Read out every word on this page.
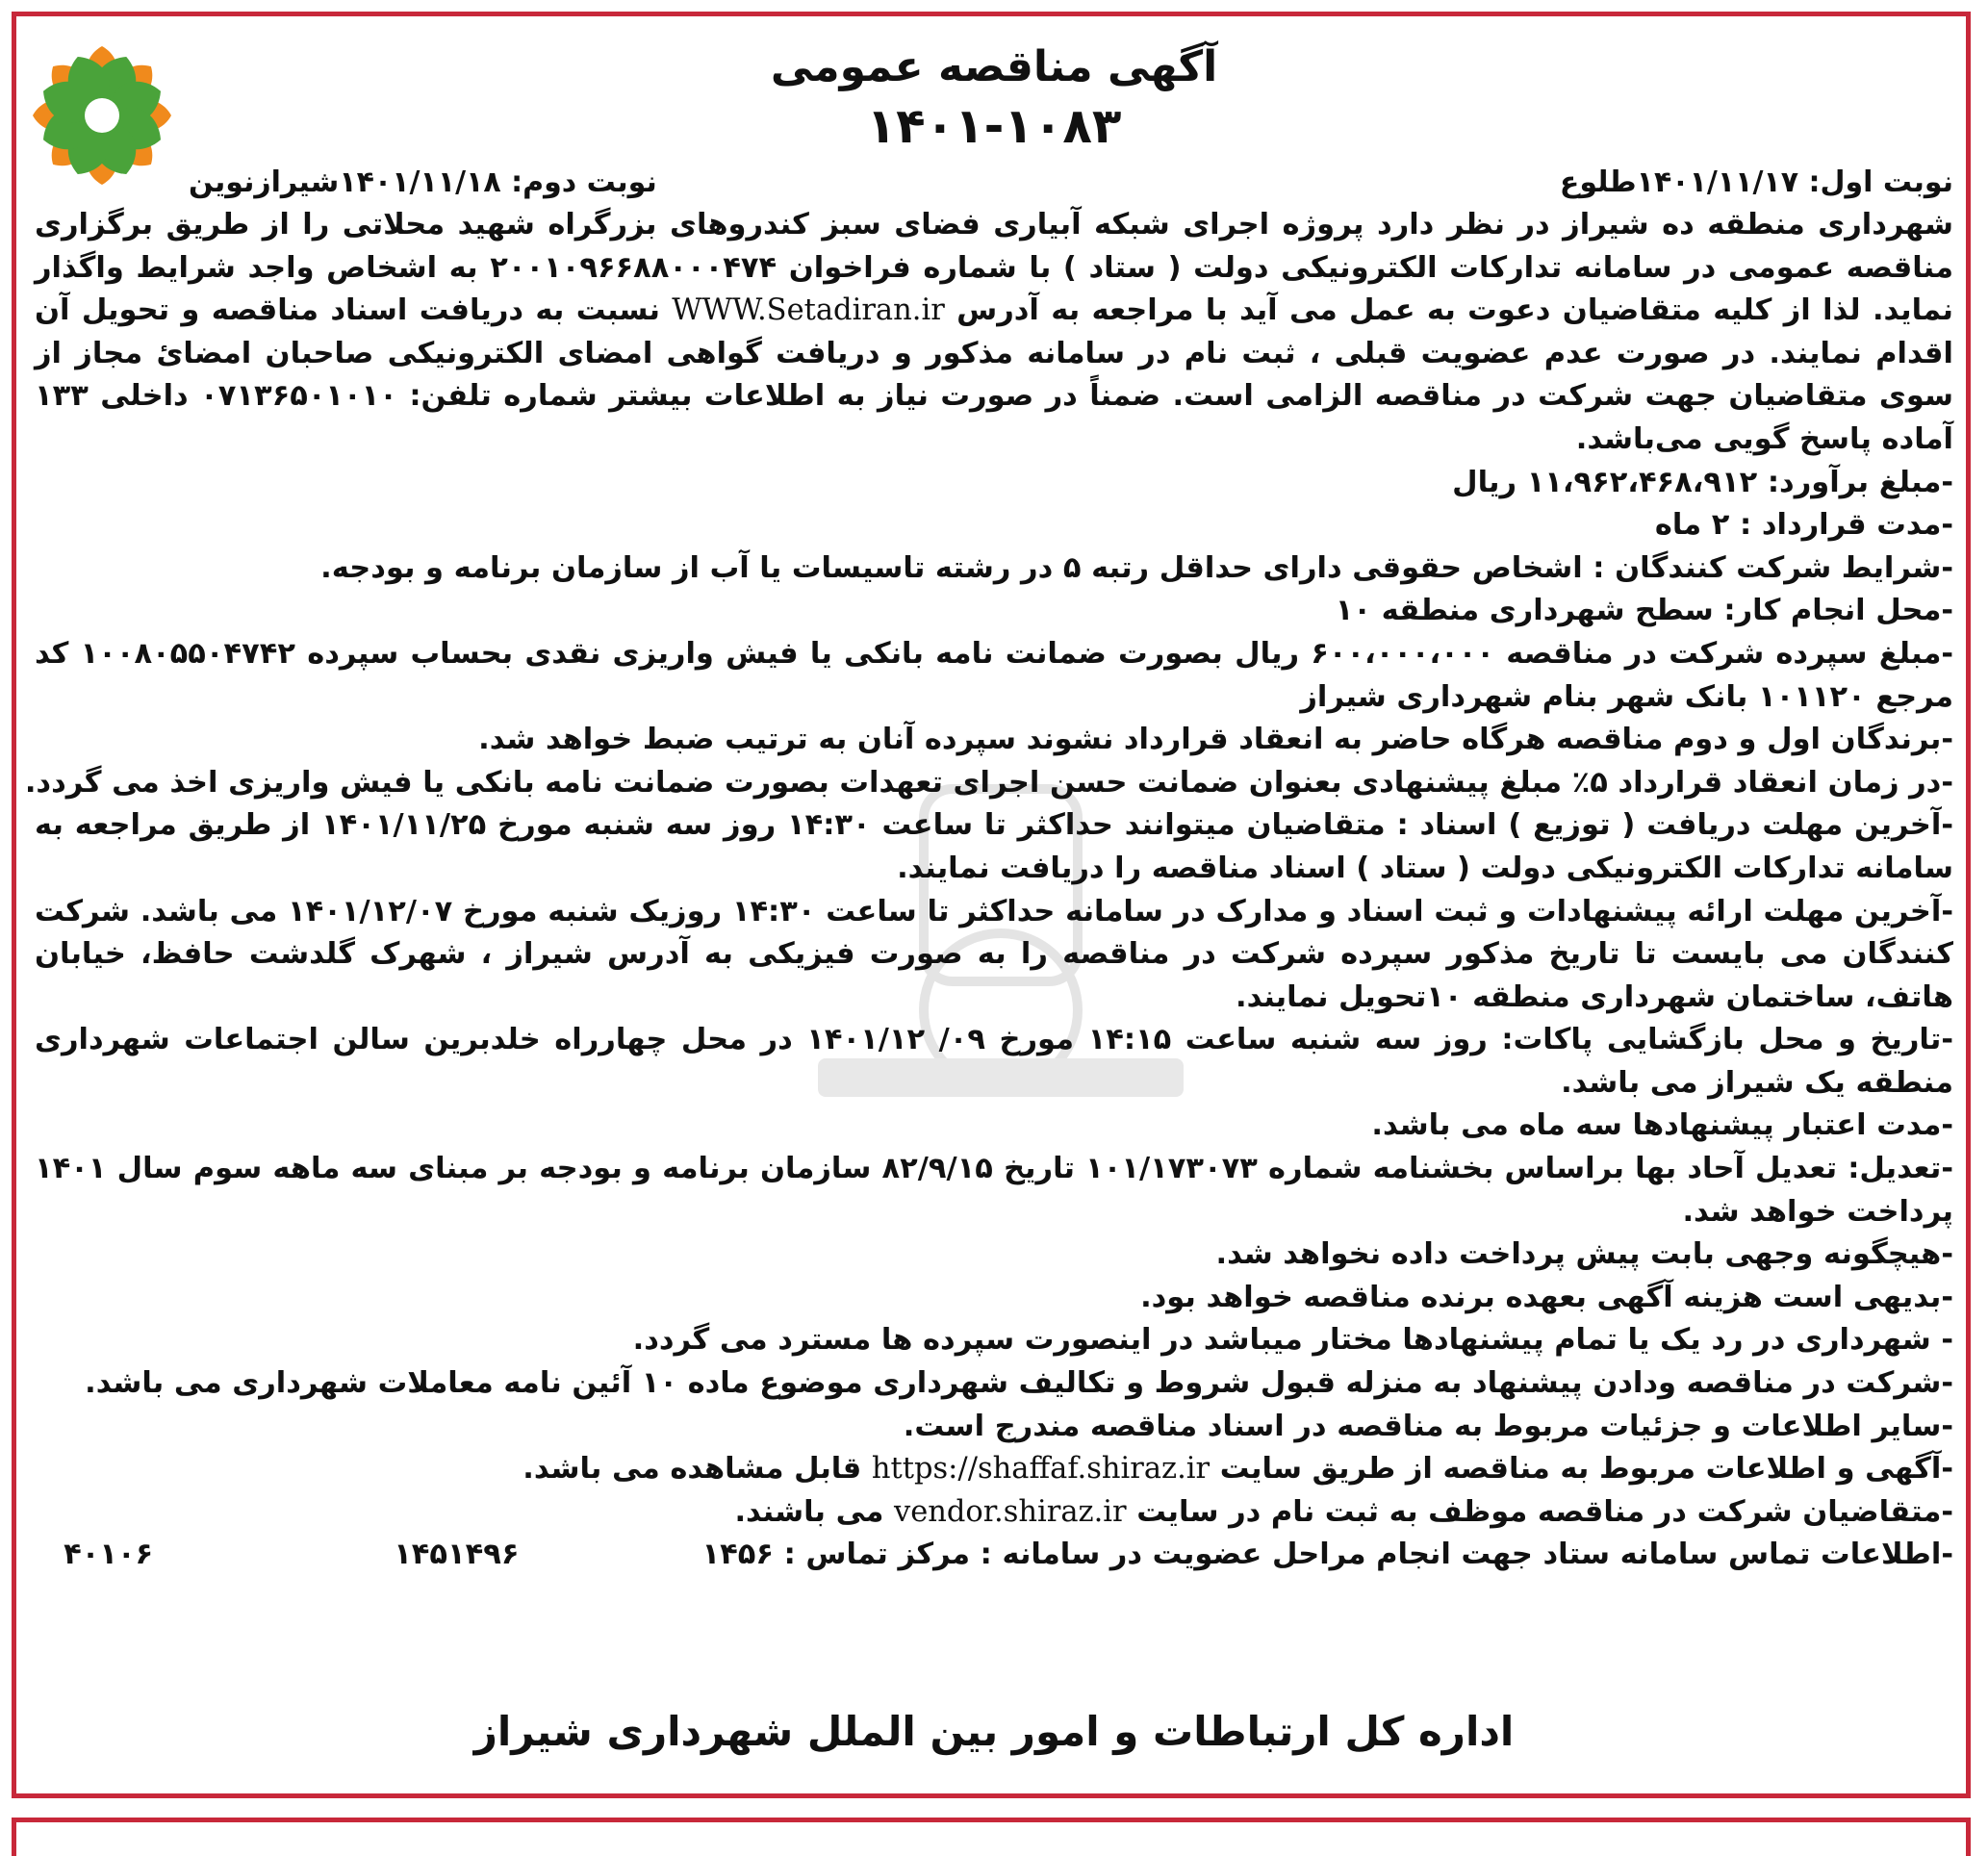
آگهی مناقصه عمومی

۱۴۰۱-۱۰۸۳

نوبت اول: ۱۴۰۱/۱۱/۱۷طلوع
نوبت دوم: ۱۴۰۱/۱۱/۱۸شیرازنوین

شهرداری منطقه ده شیراز در نظر دارد پروژه اجرای شبکه آبیاری فضای سبز کندروهای بزرگراه شهید محلاتی را از طریق برگزاری مناقصه عمومی در سامانه تدارکات الکترونیکی دولت ( ستاد ) با شماره فراخوان ۲۰۰۱۰۹۶۶۸۸۰۰۰۴۷۴ به اشخاص واجد شرایط واگذار نماید. لذا از کلیه متقاضیان دعوت به عمل می آید با مراجعه به آدرس WWW.Setadiran.ir نسبت به دریافت اسناد مناقصه و تحویل آن اقدام نمایند. در صورت عدم عضویت قبلی ، ثبت نام در سامانه مذکور و دریافت گواهی امضای الکترونیکی صاحبان امضائ مجاز از سوی متقاضیان جهت شرکت در مناقصه الزامی است. ضمناً در صورت نیاز به اطلاعات بیشتر شماره تلفن: ۰۷۱۳۶۵۰۱۰۱۰ داخلی ۱۳۳ آماده پاسخ گویی می‌باشد.

-مبلغ برآورد: ۱۱،۹۶۲،۴۶۸،۹۱۲ ریال

-مدت قرارداد : ۲ ماه

-شرایط شرکت کنندگان : اشخاص حقوقی دارای حداقل رتبه ۵ در رشته تاسیسات یا آب از سازمان برنامه و بودجه.

-محل انجام کار: سطح شهرداری منطقه ۱۰

-مبلغ سپرده شرکت در مناقصه ۶۰۰،۰۰۰،۰۰۰ ریال بصورت ضمانت نامه بانکی یا فیش واریزی نقدی بحساب سپرده ۱۰۰۸۰۵۵۰۴۷۴۲ کد مرجع ۱۰۱۱۲۰ بانک شهر بنام شهرداری شیراز

-برندگان اول و دوم مناقصه هرگاه حاضر به انعقاد قرارداد نشوند سپرده آنان به ترتیب ضبط خواهد شد.

-در زمان انعقاد قرارداد ۵٪ مبلغ پیشنهادی بعنوان ضمانت حسن اجرای تعهدات بصورت ضمانت نامه بانکی یا فیش واریزی اخذ می گردد.

-آخرین مهلت دریافت ( توزیع ) اسناد : متقاضیان میتوانند حداکثر تا ساعت ۱۴:۳۰ روز سه شنبه مورخ ۱۴۰۱/۱۱/۲۵ از طریق مراجعه به سامانه تدارکات الکترونیکی دولت ( ستاد ) اسناد مناقصه را دریافت نمایند.

-آخرین مهلت ارائه پیشنهادات و ثبت اسناد و مدارک در سامانه حداکثر تا ساعت ۱۴:۳۰ روزیک شنبه مورخ ۱۴۰۱/۱۲/۰۷ می باشد. شرکت کنندگان می بایست تا تاریخ مذکور سپرده شرکت در مناقصه را به صورت فیزیکی به آدرس شیراز ، شهرک گلدشت حافظ، خیابان هاتف، ساختمان شهرداری منطقه ۱۰تحویل نمایند.

-تاریخ و محل بازگشایی پاکات: روز سه شنبه ساعت ۱۴:۱۵ مورخ ۰۹/ ۱۴۰۱/۱۲ در محل چهارراه خلدبرین سالن اجتماعات شهرداری منطقه یک شیراز می باشد.

-مدت اعتبار پیشنهادها سه ماه می باشد.

-تعدیل: تعدیل آحاد بها براساس بخشنامه شماره ۱۰۱/۱۷۳۰۷۳ تاریخ ۸۲/۹/۱۵ سازمان برنامه و بودجه بر مبنای سه ماهه سوم سال ۱۴۰۱ پرداخت خواهد شد.

-هیچگونه وجهی بابت پیش پرداخت داده نخواهد شد.

-بدیهی است هزینه آگهی بعهده برنده مناقصه خواهد بود.

- شهرداری در رد یک یا تمام پیشنهادها مختار میباشد در اینصورت سپرده ها مسترد می گردد.

-شرکت در مناقصه ودادن پیشنهاد به منزله قبول شروط و تکالیف شهرداری موضوع ماده ۱۰ آئین نامه معاملات شهرداری می باشد.

-سایر اطلاعات و جزئیات مربوط به مناقصه در اسناد مناقصه مندرج است.

-آگهی و اطلاعات مربوط به مناقصه از طریق سایت https://shaffaf.shiraz.ir قابل مشاهده می باشد.

-متقاضیان شرکت در مناقصه موظف به ثبت نام در سایت vendor.shiraz.ir می باشند.

-اطلاعات تماس سامانه ستاد جهت انجام مراحل عضویت در سامانه : مرکز تماس : ۱۴۵۶
۱۴۵۱۴۹۶
۴۰۱۰۶
اداره کل ارتباطات و امور بین الملل شهرداری شیراز
